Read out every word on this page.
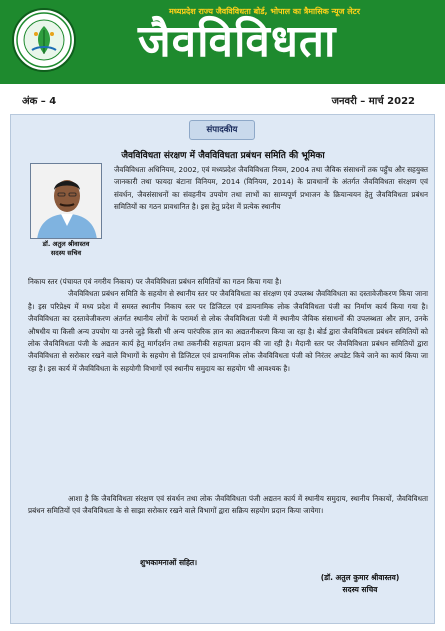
मध्यप्रदेश राज्य जैवविविधता बोर्ड, भोपाल का त्रैमासिक न्यूज लेटर
जैवविविधता
अंक – 4	जनवरी – मार्च 2022
संपादकीय
जैवविविधता संरक्षण में जैवविविधता प्रबंधन समिति की भूमिका
डॉ. अतुल श्रीवास्तव
सदस्य सचिव
जैवविविधता अधिनियम, 2002, एवं मध्यप्रदेश जैवविविधता नियम, 2004 तथा जैविक संसाधनों तक पहुँच और सहयुक्त जानकारी तथा फायदा बंटाना विनियम, 2014 (विनियम, 2014) के प्रावधानों के अंतर्गत जैवविविधता संरक्षण एवं संवर्धन, जैवसंसाधनों का संवहनीय उपयोग तथा लाभों का साम्यपूर्ण प्रभाजन के क्रियान्वयन हेतु जैवविविधता प्रबंधन समितियों का गठन प्रावधानित है। इस हेतु प्रदेश में प्रत्येक स्थानीय
निकाय स्तर (पंचायत एवं नगरीय निकाय) पर जैवविविधता प्रबंधन समितियों का गठन किया गया है।
जैवविविधता प्रबंधन समिति के सहयोग से स्थानीय स्तर पर जैवविविधता का संरक्षण एवं उपलब्ध जैवविविधता का दस्तावेजीकरण किया जाना है। इस परिप्रेक्ष्य में मध्य प्रदेश में समस्त स्थानीय निकाय स्तर पर डिजिटल एवं डायनामिक लोक जैवविविधता पंजी का निर्माण कार्य किया गया है। जैवविविधता का दस्तावेजीकरण अंतर्गत स्थानीय लोगों के परामर्श से लोक जैवविविधता पंजी में स्थानीय जैविक संसाधनों की उपलब्धता और ज्ञान, उनके औषधीय या किसी अन्य उपयोग या उनसे जुड़े किसी भी अन्य पारंपरिक ज्ञान का अद्यतनीकरण किया जा रहा है। बोर्ड द्वारा जैवविविधता प्रबंधन समितियों को लोक जैवविविधता पंजी के अद्यतन कार्य हेतु मार्गदर्शन तथा तकनीकी सहायता प्रदान की जा रही है। मैदानी स्तर पर जैवविविधता प्रबंधन समितियों द्वारा जैवविविधता से सरोकार रखने वाले विभागों के सहयोग से डिजिटल एवं डायनामिक लोक जैवविविधता पंजी को निरंतर अपडेट किये जाने का कार्य किया जा रहा है। इस कार्य में जैवविविधता के सहयोगी विभागों एवं स्थानीय समुदाय का सहयोग भी आवश्यक है।
आशा है कि जैवविविधता संरक्षण एवं संवर्धन तथा लोक जैवविविधता पंजी अद्यतन कार्य में स्थानीय समुदाय, स्थानीय निकायों, जैवविविधता प्रबंधन समितियों एवं जैवविविधता के से साझा सरोकार रखने वाले विभागों द्वारा सक्रिय सहयोग प्रदान किया जायेगा।
शुभकामनाओं सहित।
(डॉ. अतुल कुमार श्रीवास्तव)
सदस्य सचिव
